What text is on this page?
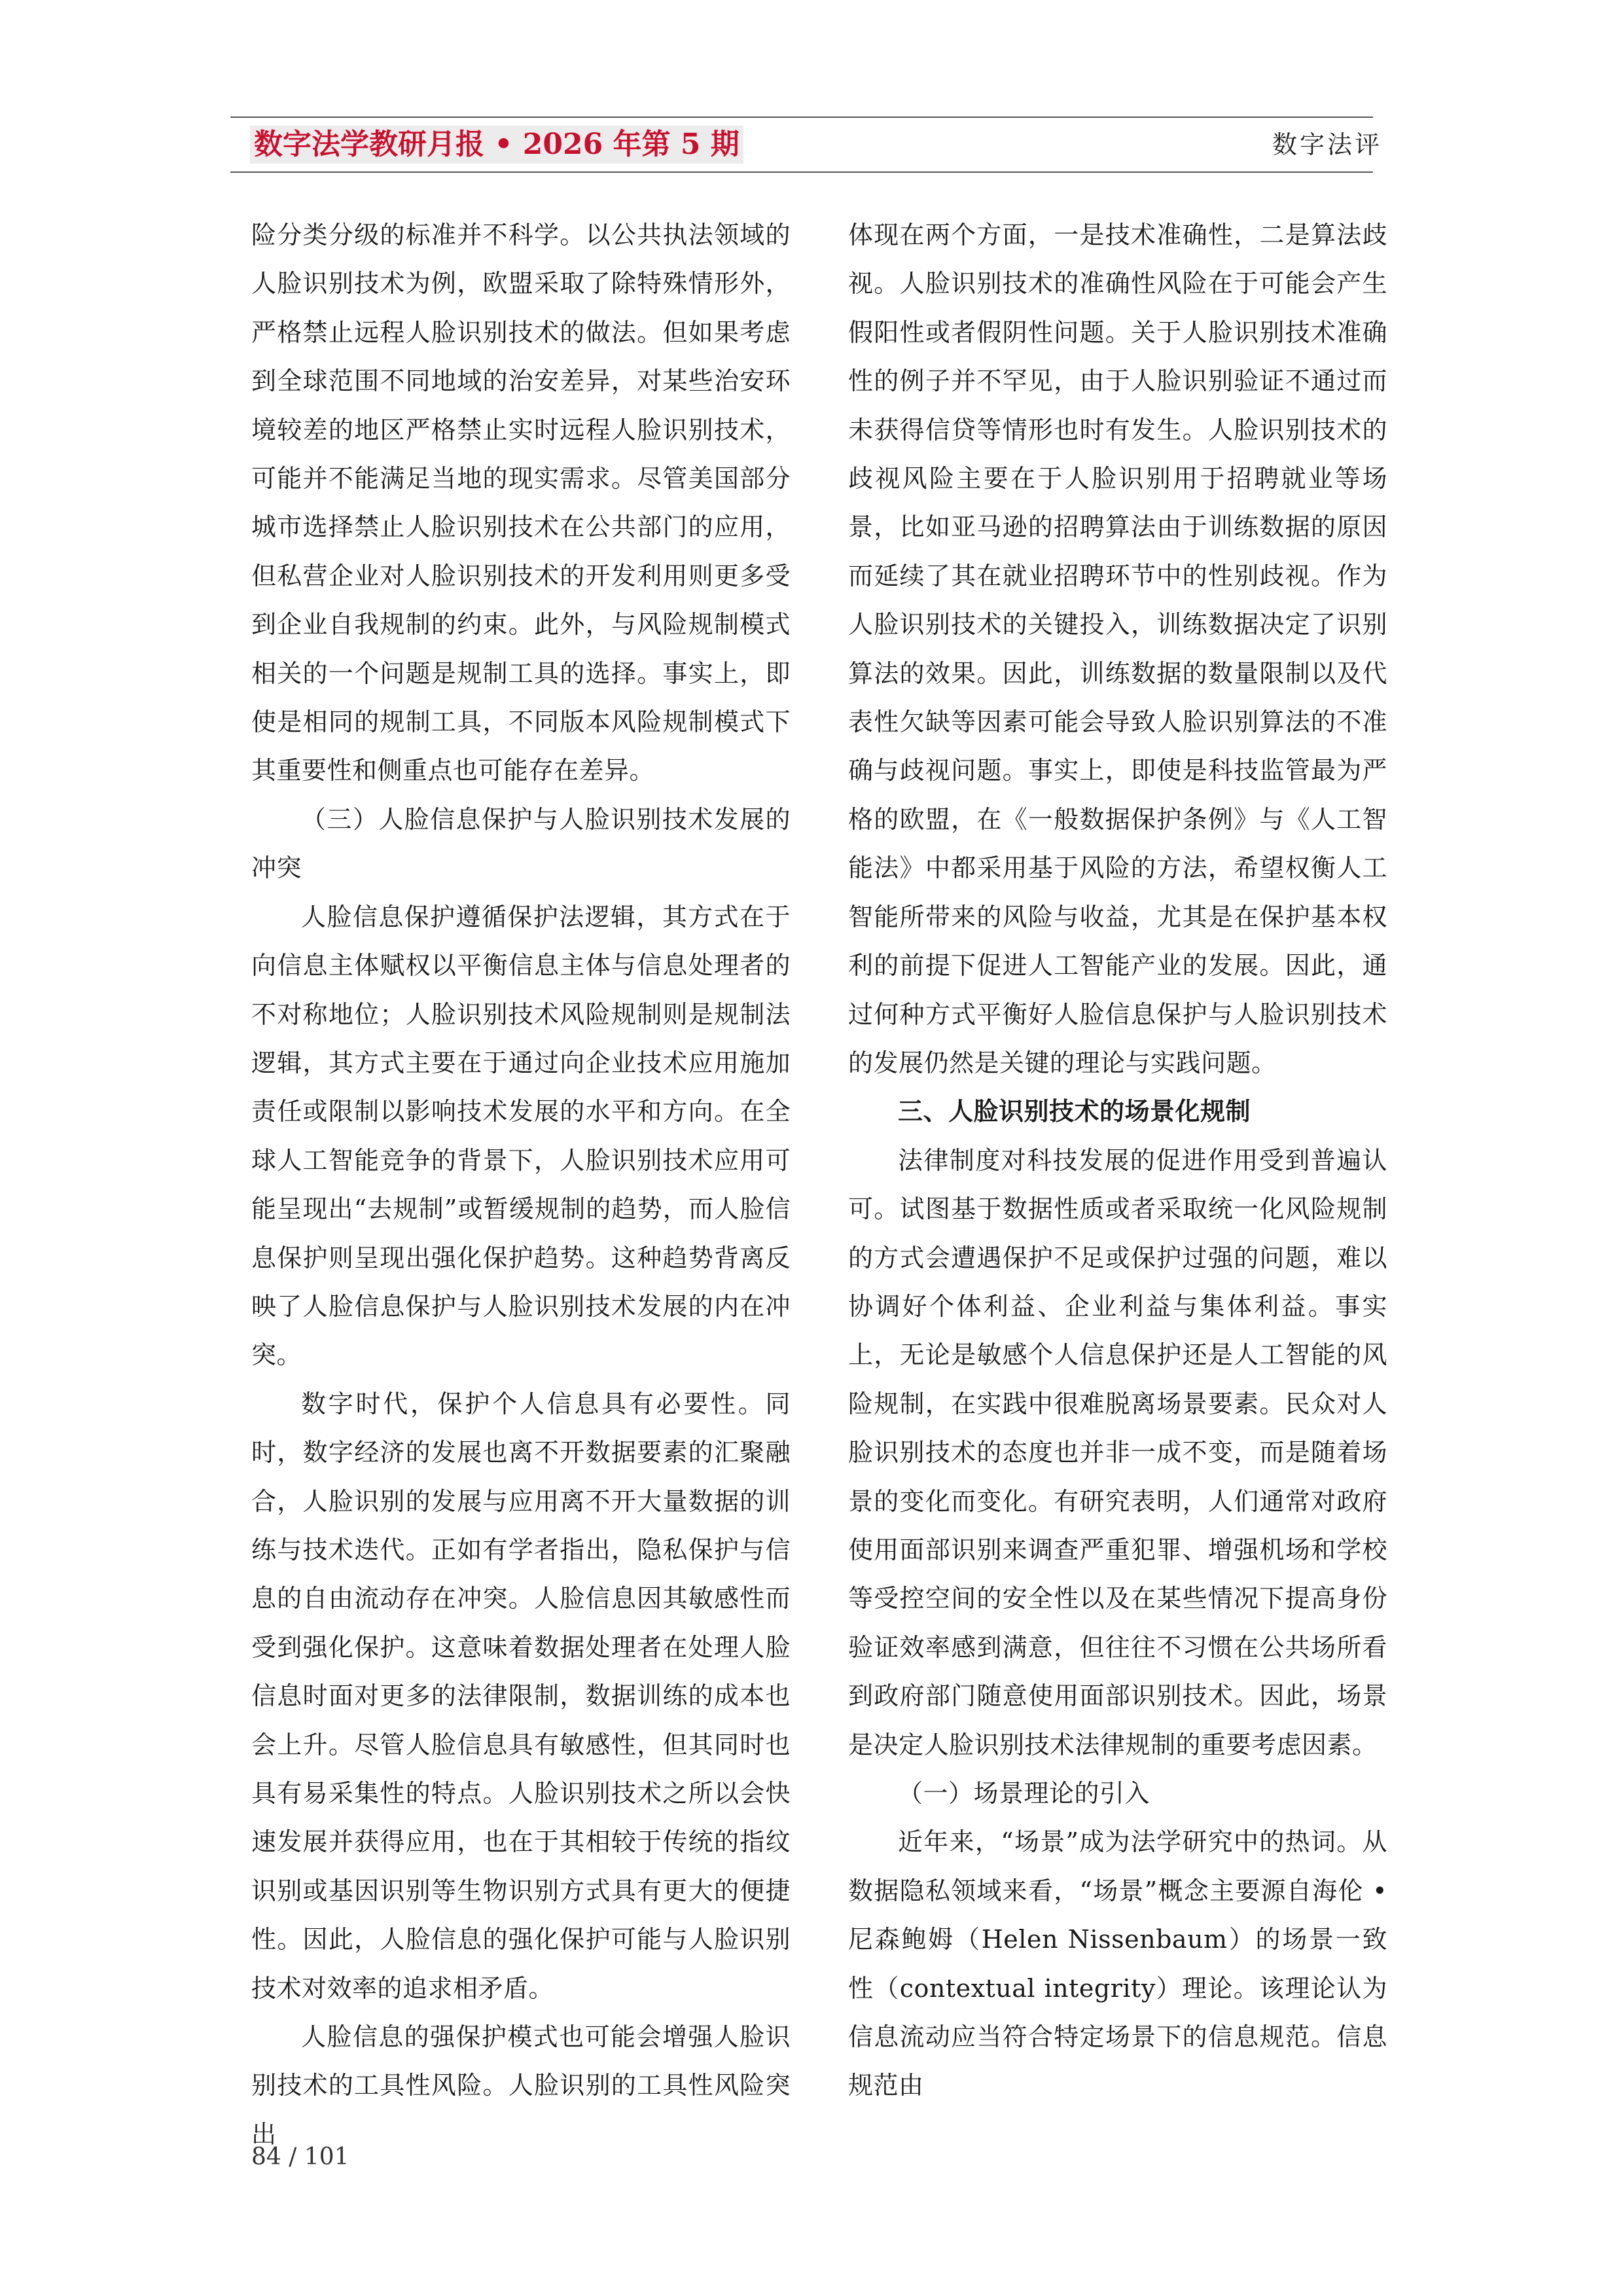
数字法学教研月报 • 2026 年第 5 期	数字法评

险分类分级的标准并不科学。以公共执法领域的人脸识别技术为例，欧盟采取了除特殊情形外，严格禁止远程人脸识别技术的做法。但如果考虑到全球范围不同地域的治安差异，对某些治安环境较差的地区严格禁止实时远程人脸识别技术，可能并不能满足当地的现实需求。尽管美国部分城市选择禁止人脸识别技术在公共部门的应用，但私营企业对人脸识别技术的开发利用则更多受到企业自我规制的约束。此外，与风险规制模式相关的一个问题是规制工具的选择。事实上，即使是相同的规制工具，不同版本风险规制模式下其重要性和侧重点也可能存在差异。

（三）人脸信息保护与人脸识别技术发展的冲突

人脸信息保护遵循保护法逻辑，其方式在于向信息主体赋权以平衡信息主体与信息处理者的不对称地位；人脸识别技术风险规制则是规制法逻辑，其方式主要在于通过向企业技术应用施加责任或限制以影响技术发展的水平和方向。在全球人工智能竞争的背景下，人脸识别技术应用可能呈现出“去规制”或暂缓规制的趋势，而人脸信息保护则呈现出强化保护趋势。这种趋势背离反映了人脸信息保护与人脸识别技术发展的内在冲突。

数字时代，保护个人信息具有必要性。同时，数字经济的发展也离不开数据要素的汇聚融合，人脸识别的发展与应用离不开大量数据的训练与技术迭代。正如有学者指出，隐私保护与信息的自由流动存在冲突。人脸信息因其敏感性而受到强化保护。这意味着数据处理者在处理人脸信息时面对更多的法律限制，数据训练的成本也会上升。尽管人脸信息具有敏感性，但其同时也具有易采集性的特点。人脸识别技术之所以会快速发展并获得应用，也在于其相较于传统的指纹识别或基因识别等生物识别方式具有更大的便捷性。因此，人脸信息的强化保护可能与人脸识别技术对效率的追求相矛盾。

人脸信息的强保护模式也可能会增强人脸识别技术的工具性风险。人脸识别的工具性风险突出

体现在两个方面，一是技术准确性，二是算法歧视。人脸识别技术的准确性风险在于可能会产生假阳性或者假阴性问题。关于人脸识别技术准确性的例子并不罕见，由于人脸识别验证不通过而未获得信贷等情形也时有发生。人脸识别技术的歧视风险主要在于人脸识别用于招聘就业等场景，比如亚马逊的招聘算法由于训练数据的原因而延续了其在就业招聘环节中的性别歧视。作为人脸识别技术的关键投入，训练数据决定了识别算法的效果。因此，训练数据的数量限制以及代表性欠缺等因素可能会导致人脸识别算法的不准确与歧视问题。事实上，即使是科技监管最为严格的欧盟，在《一般数据保护条例》与《人工智能法》中都采用基于风险的方法，希望权衡人工智能所带来的风险与收益，尤其是在保护基本权利的前提下促进人工智能产业的发展。因此，通过何种方式平衡好人脸信息保护与人脸识别技术的发展仍然是关键的理论与实践问题。

三、人脸识别技术的场景化规制

法律制度对科技发展的促进作用受到普遍认可。试图基于数据性质或者采取统一化风险规制的方式会遭遇保护不足或保护过强的问题，难以协调好个体利益、企业利益与集体利益。事实上，无论是敏感个人信息保护还是人工智能的风险规制，在实践中很难脱离场景要素。民众对人脸识别技术的态度也并非一成不变，而是随着场景的变化而变化。有研究表明，人们通常对政府使用面部识别来调查严重犯罪、增强机场和学校等受控空间的安全性以及在某些情况下提高身份验证效率感到满意，但往往不习惯在公共场所看到政府部门随意使用面部识别技术。因此，场景是决定人脸识别技术法律规制的重要考虑因素。

（一）场景理论的引入

近年来，“场景”成为法学研究中的热词。从数据隐私领域来看，“场景”概念主要源自海伦 •尼森鲍姆（Helen Nissenbaum）的场景一致性（contextual integrity）理论。该理论认为信息流动应当符合特定场景下的信息规范。信息规范由

84 / 101
